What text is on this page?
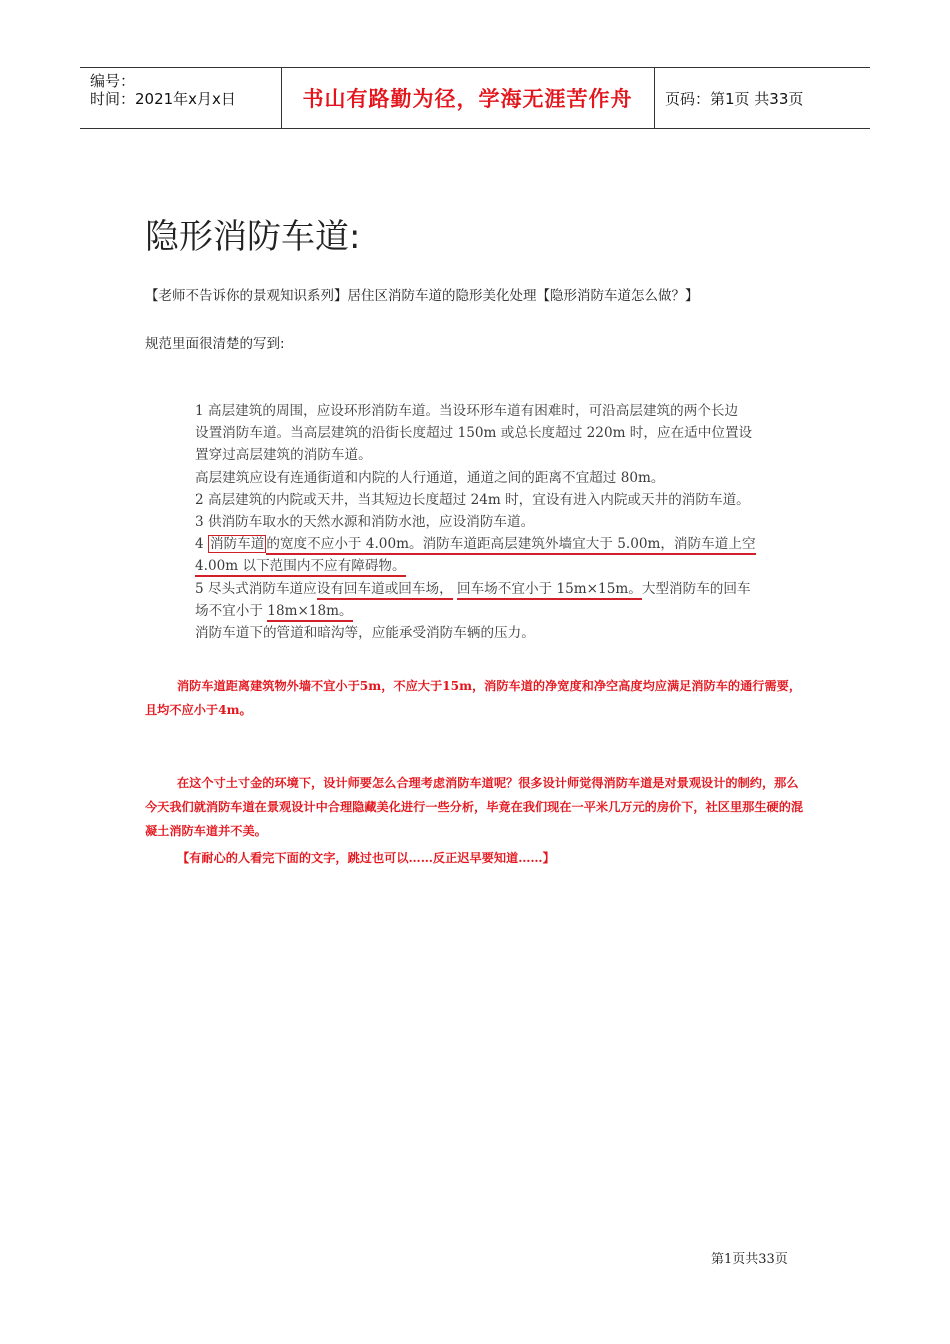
编号：
时间：2021年x月x日	书山有路勤为径，学海无涯苦作舟 页码：第1页 共33页
隐形消防车道:
【老师不告诉你的景观知识系列】居住区消防车道的隐形美化处理【隐形消防车道怎么做？】
规范里面很清楚的写到:
1 高层建筑的周围，应设环形消防车道。当设环形车道有困难时，可沿高层建筑的两个长边
设置消防车道。当高层建筑的沿街长度超过 150m 或总长度超过 220m 时，应在适中位置设
置穿过高层建筑的消防车道。
高层建筑应设有连通街道和内院的人行通道，通道之间的距离不宜超过 80m。
2 高层建筑的内院或天井，当其短边长度超过 24m 时，宜设有进入内院或天井的消防车道。
3 供消防车取水的天然水源和消防水池，应设消防车道。
4 消防车道 的宽度不应小于 4.00m。消防车道距高层建筑外墙宜大于 5.00m，消防车道上空
4.00m 以下范围内不应有障碍物。
5 尽头式消防车道应设有回车道或回车场， 回车场不宜小于 15m×15m。大型消防车的回车
场不宜小于 18m×18m。
消防车道下的管道和暗沟等，应能承受消防车辆的压力。
消防车道距离建筑物外墙不宜小于5m，不应大于15m，消防车道的净宽度和净空高度均应满足消防车的通行需要，且均不应小于4m。
在这个寸土寸金的环境下，设计师要怎么合理考虑消防车道呢？很多设计师觉得消防车道是对景观设计的制约，那么今天我们就消防车道在景观设计中合理隐藏美化进行一些分析，毕竟在我们现在一平米几万元的房价下，社区里那生硬的混凝土消防车道并不美。
【有耐心的人看完下面的文字，跳过也可以……反正迟早要知道……】
第1页共33页
